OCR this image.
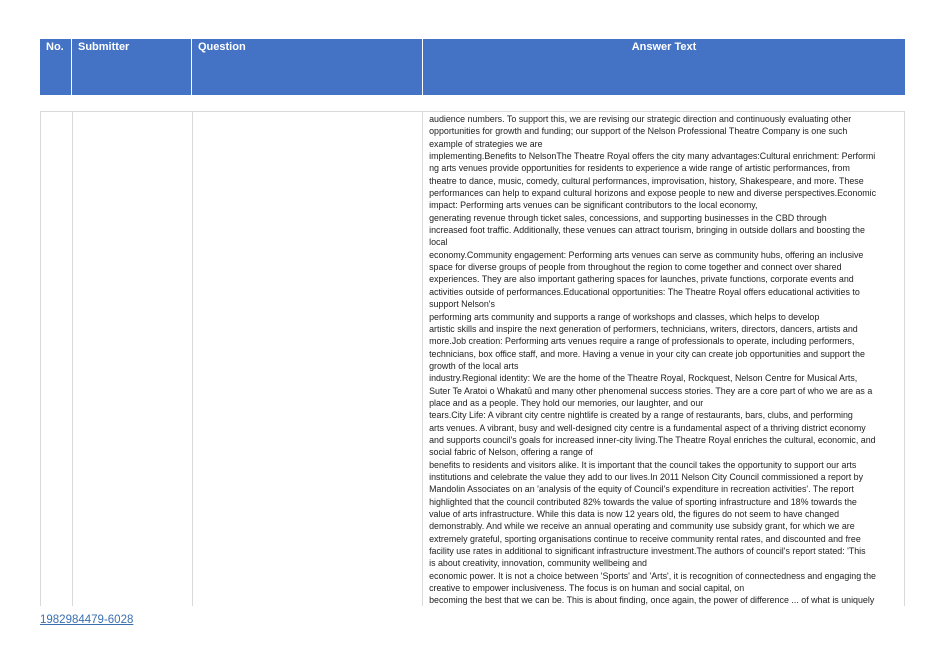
No.	Submitter	Question	Answer Text

audience numbers. To support this, we are revising our strategic direction and continuously evaluating other

opportunities for growth and funding; our support of the Nelson Professional Theatre Company is one such

example of strategies we are

implementing.Benefits to NelsonThe Theatre Royal offers the city many advantages:Cultural enrichment: Performi

ng arts venues provide opportunities for residents to experience a wide range of artistic performances, from

theatre to dance, music, comedy, cultural performances, improvisation, history, Shakespeare, and more. These

performances can help to expand cultural horizons and expose people to new and diverse perspectives.Economic

impact: Performing arts venues can be significant contributors to the local economy,

generating revenue through ticket sales, concessions, and supporting businesses in the CBD through

increased foot traffic. Additionally, these venues can attract tourism, bringing in outside dollars and boosting the

local

economy.Community engagement: Performing arts venues can serve as community hubs, offering an inclusive

space for diverse groups of people from throughout the region to come together and connect over shared

experiences. They are also important gathering spaces for launches, private functions, corporate events and

activities outside of performances.Educational opportunities: The Theatre Royal offers educational activities to

support Nelson's

performing arts community and supports a range of workshops and classes, which helps to develop

artistic skills and inspire the next generation of performers, technicians, writers, directors, dancers, artists and

more.Job creation: Performing arts venues require a range of professionals to operate, including performers,

technicians, box office staff, and more. Having a venue in your city can create job opportunities and support the

growth of the local arts

industry.Regional identity: We are the home of the Theatre Royal, Rockquest, Nelson Centre for Musical Arts,

Suter Te Aratoi o Whakatū and many other phenomenal success stories. They are a core part of who we are as a

place and as a people. They hold our memories, our laughter, and our

tears.City Life: A vibrant city centre nightlife is created by a range of restaurants, bars, clubs, and performing

arts venues. A vibrant, busy and well-designed city centre is a fundamental aspect of a thriving district economy

and supports council's goals for increased inner-city living.The Theatre Royal enriches the cultural, economic, and

social fabric of Nelson, offering a range of

benefits to residents and visitors alike. It is important that the council takes the opportunity to support our arts

institutions and celebrate the value they add to our lives.In 2011 Nelson City Council commissioned a report by

Mandolin Associates on an 'analysis of the equity of Council's expenditure in recreation activities'. The report

highlighted that the council contributed 82% towards the value of sporting infrastructure and 18% towards the

value of arts infrastructure. While this data is now 12 years old, the figures do not seem to have changed

demonstrably. And while we receive an annual operating and community use subsidy grant, for which we are

extremely grateful, sporting organisations continue to receive community rental rates, and discounted and free

facility use rates in additional to significant infrastructure investment.The authors of council's report stated: 'This

is about creativity, innovation, community wellbeing and

economic power. It is not a choice between 'Sports' and 'Arts', it is recognition of connectedness and engaging the

creative to empower inclusiveness. The focus is on human and social capital, on

becoming the best that we can be. This is about finding, once again, the power of difference ... of what is uniquely

1982984479-6028
